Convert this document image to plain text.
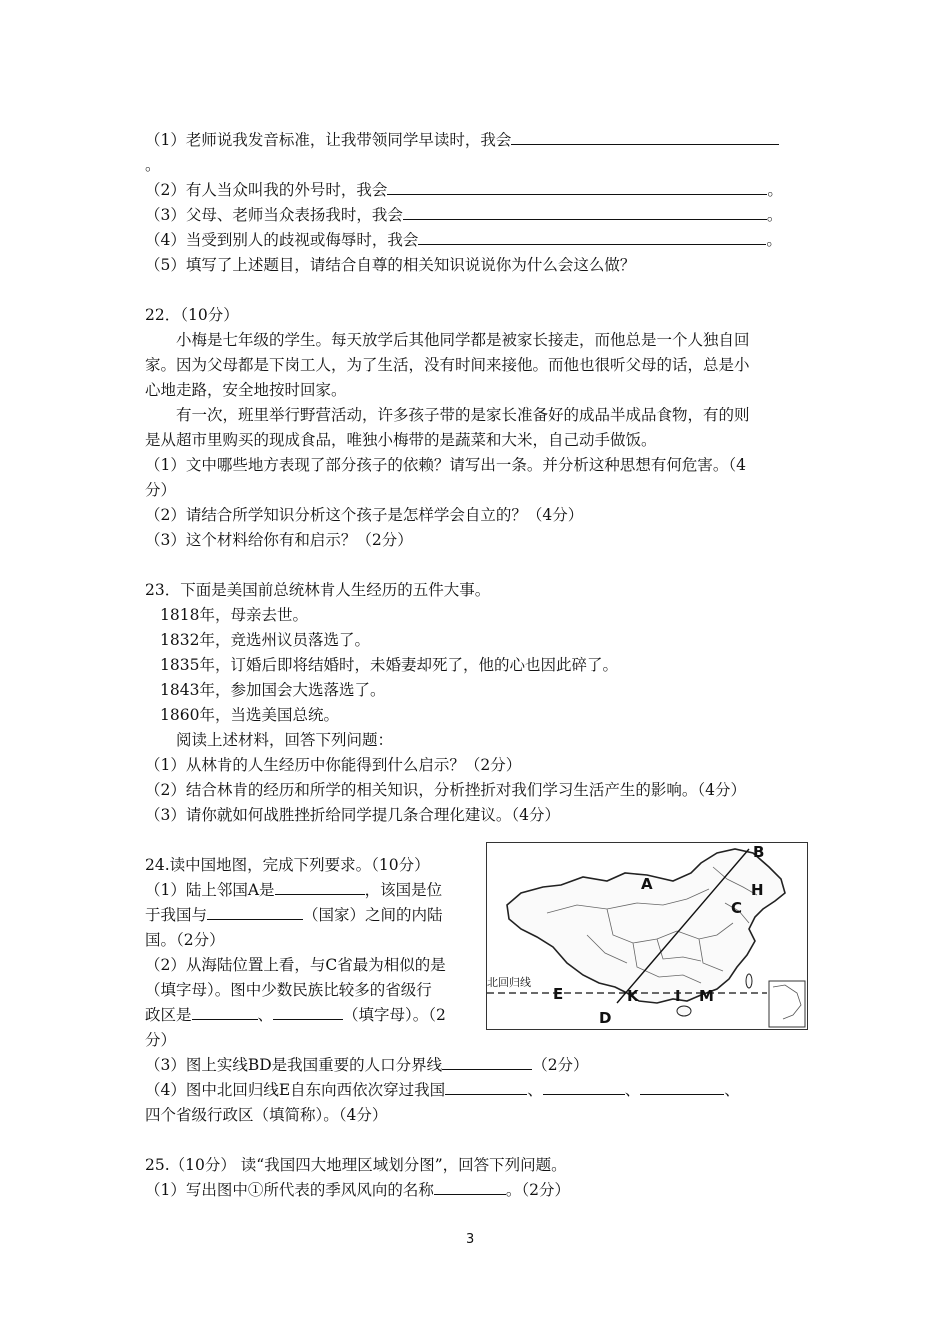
（1）老师说我发音标准，让我带领同学早读时，我会
。
（2）有人当众叫我的外号时，我会	。
（3）父母、老师当众表扬我时，我会	。
（4）当受到别人的歧视或侮辱时，我会	。
（5）填写了上述题目，请结合自尊的相关知识说说你为什么会这么做？
22．（10分）
小梅是七年级的学生。每天放学后其他同学都是被家长接走，而他总是一个人独自回
家。因为父母都是下岗工人，为了生活，没有时间来接他。而他也很听父母的话，总是小
心地走路，安全地按时回家。
有一次，班里举行野营活动，许多孩子带的是家长准备好的成品半成品食物，有的则
是从超市里购买的现成食品，唯独小梅带的是蔬菜和大米，自己动手做饭。
（1）文中哪些地方表现了部分孩子的依赖？请写出一条。并分析这种思想有何危害。（4
分）
（2）请结合所学知识分析这个孩子是怎样学会自立的？（4分）
（3）这个材料给你有和启示？（2分）
23．下面是美国前总统林肯人生经历的五件大事。
1818年，母亲去世。
1832年，竞选州议员落选了。
1835年，订婚后即将结婚时，未婚妻却死了，他的心也因此碎了。
1843年，参加国会大选落选了。
1860年，当选美国总统。
阅读上述材料，回答下列问题：
（1）从林肯的人生经历中你能得到什么启示？（2分）
（2）结合林肯的经历和所学的相关知识，分析挫折对我们学习生活产生的影响。（4分）
（3）请你就如何战胜挫折给同学提几条合理化建议。（4分）
24.读中国地图，完成下列要求。（10分）
（1）陆上邻国A是	，该国是位
于我国与	（国家）之间的内陆
国。（2分）
（2）从海陆位置上看，与C省最为相似的是
（填字母）。图中少数民族比较多的省级行
政区是	、	（填字母）。（2
分）
（3）图上实线BD是我国重要的人口分界线	（2分）
（4）图中北回归线E自东向西依次穿过我国	、	、	、
四个省级行政区（填简称）。（4分）
A
B
H
C
北回归线
E	K I M
D
25.（10分） 读“我国四大地理区域划分图”，回答下列问题。
（1）写出图中①所代表的季风风向的名称	。（2分）
3
